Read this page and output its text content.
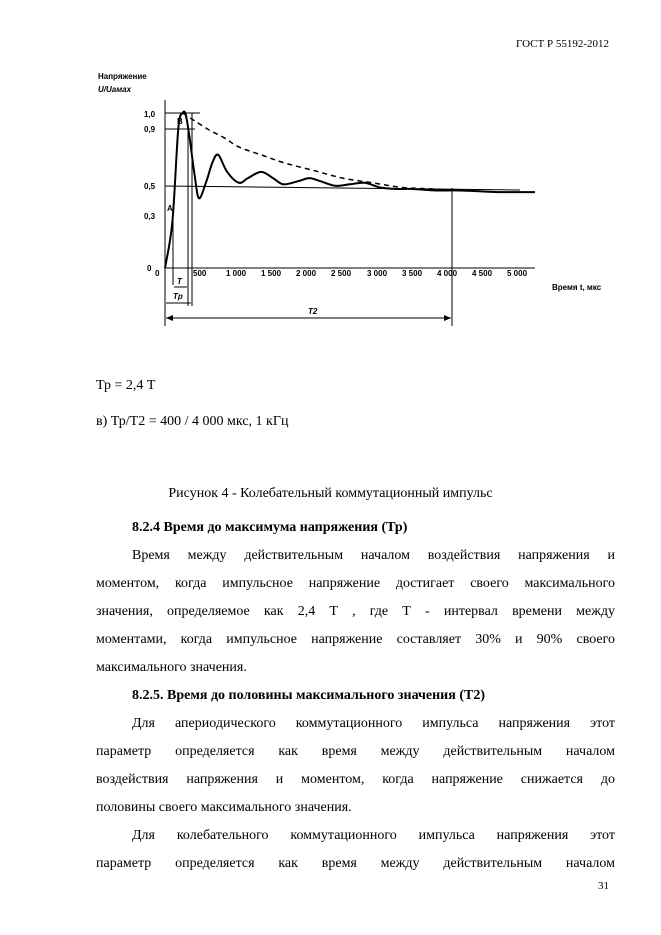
ГОСТ Р 55192-2012
Напряжение
U/Uамах
0
0,3
0,5
0,9
1,0
0	500 1 000 1 500 2 000 2 500 3 000 3 500 4 000 4 500 5 000
Время t, мкс
A
B
T
Tp
T2
Тр = 2,4 Т
в) Тр/Т2 = 400 / 4 000 мкс, 1 кГц
Рисунок 4 - Колебательный коммутационный импульс

8.2.4 Время до максимума напряжения (Тр)

Время между действительным началом воздействия напряжения и

моментом, когда импульсное напряжение достигает своего максимального

значения, определяемое как 2,4 Т , где Т - интервал времени между

моментами, когда импульсное напряжение составляет 30% и 90% своего

максимального значения.

8.2.5. Время до половины максимального значения (Т2)

Для апериодического коммутационного импульса напряжения этот

параметр определяется как время между действительным началом

воздействия напряжения и моментом, когда напряжение снижается до

половины своего максимального значения.

Для колебательного коммутационного импульса напряжения этот

параметр определяется как время между действительным началом

31
